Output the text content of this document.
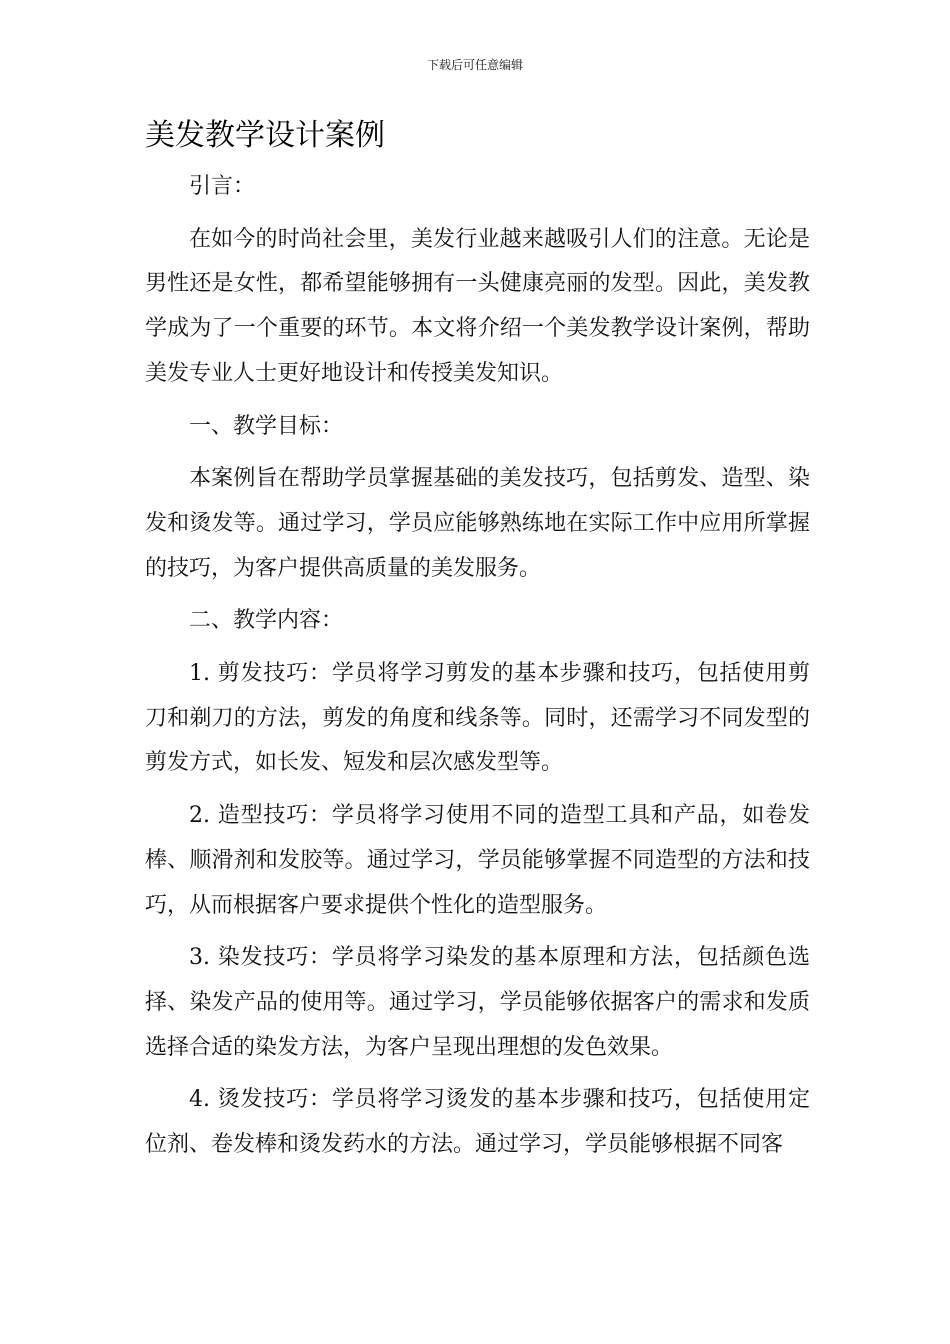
下载后可任意编辑
美发教学设计案例

引言：

在如今的时尚社会里，美发行业越来越吸引人们的注意。无论是男性还是女性，都希望能够拥有一头健康亮丽的发型。因此，美发教学成为了一个重要的环节。本文将介绍一个美发教学设计案例，帮助美发专业人士更好地设计和传授美发知识。

一、教学目标：

本案例旨在帮助学员掌握基础的美发技巧，包括剪发、造型、染发和烫发等。通过学习，学员应能够熟练地在实际工作中应用所掌握的技巧，为客户提供高质量的美发服务。

二、教学内容：

1. 剪发技巧：学员将学习剪发的基本步骤和技巧，包括使用剪刀和剃刀的方法，剪发的角度和线条等。同时，还需学习不同发型的剪发方式，如长发、短发和层次感发型等。

2. 造型技巧：学员将学习使用不同的造型工具和产品，如卷发棒、顺滑剂和发胶等。通过学习，学员能够掌握不同造型的方法和技巧，从而根据客户要求提供个性化的造型服务。

3. 染发技巧：学员将学习染发的基本原理和方法，包括颜色选择、染发产品的使用等。通过学习，学员能够依据客户的需求和发质选择合适的染发方法，为客户呈现出理想的发色效果。

4. 烫发技巧：学员将学习烫发的基本步骤和技巧，包括使用定位剂、卷发棒和烫发药水的方法。通过学习，学员能够根据不同客
